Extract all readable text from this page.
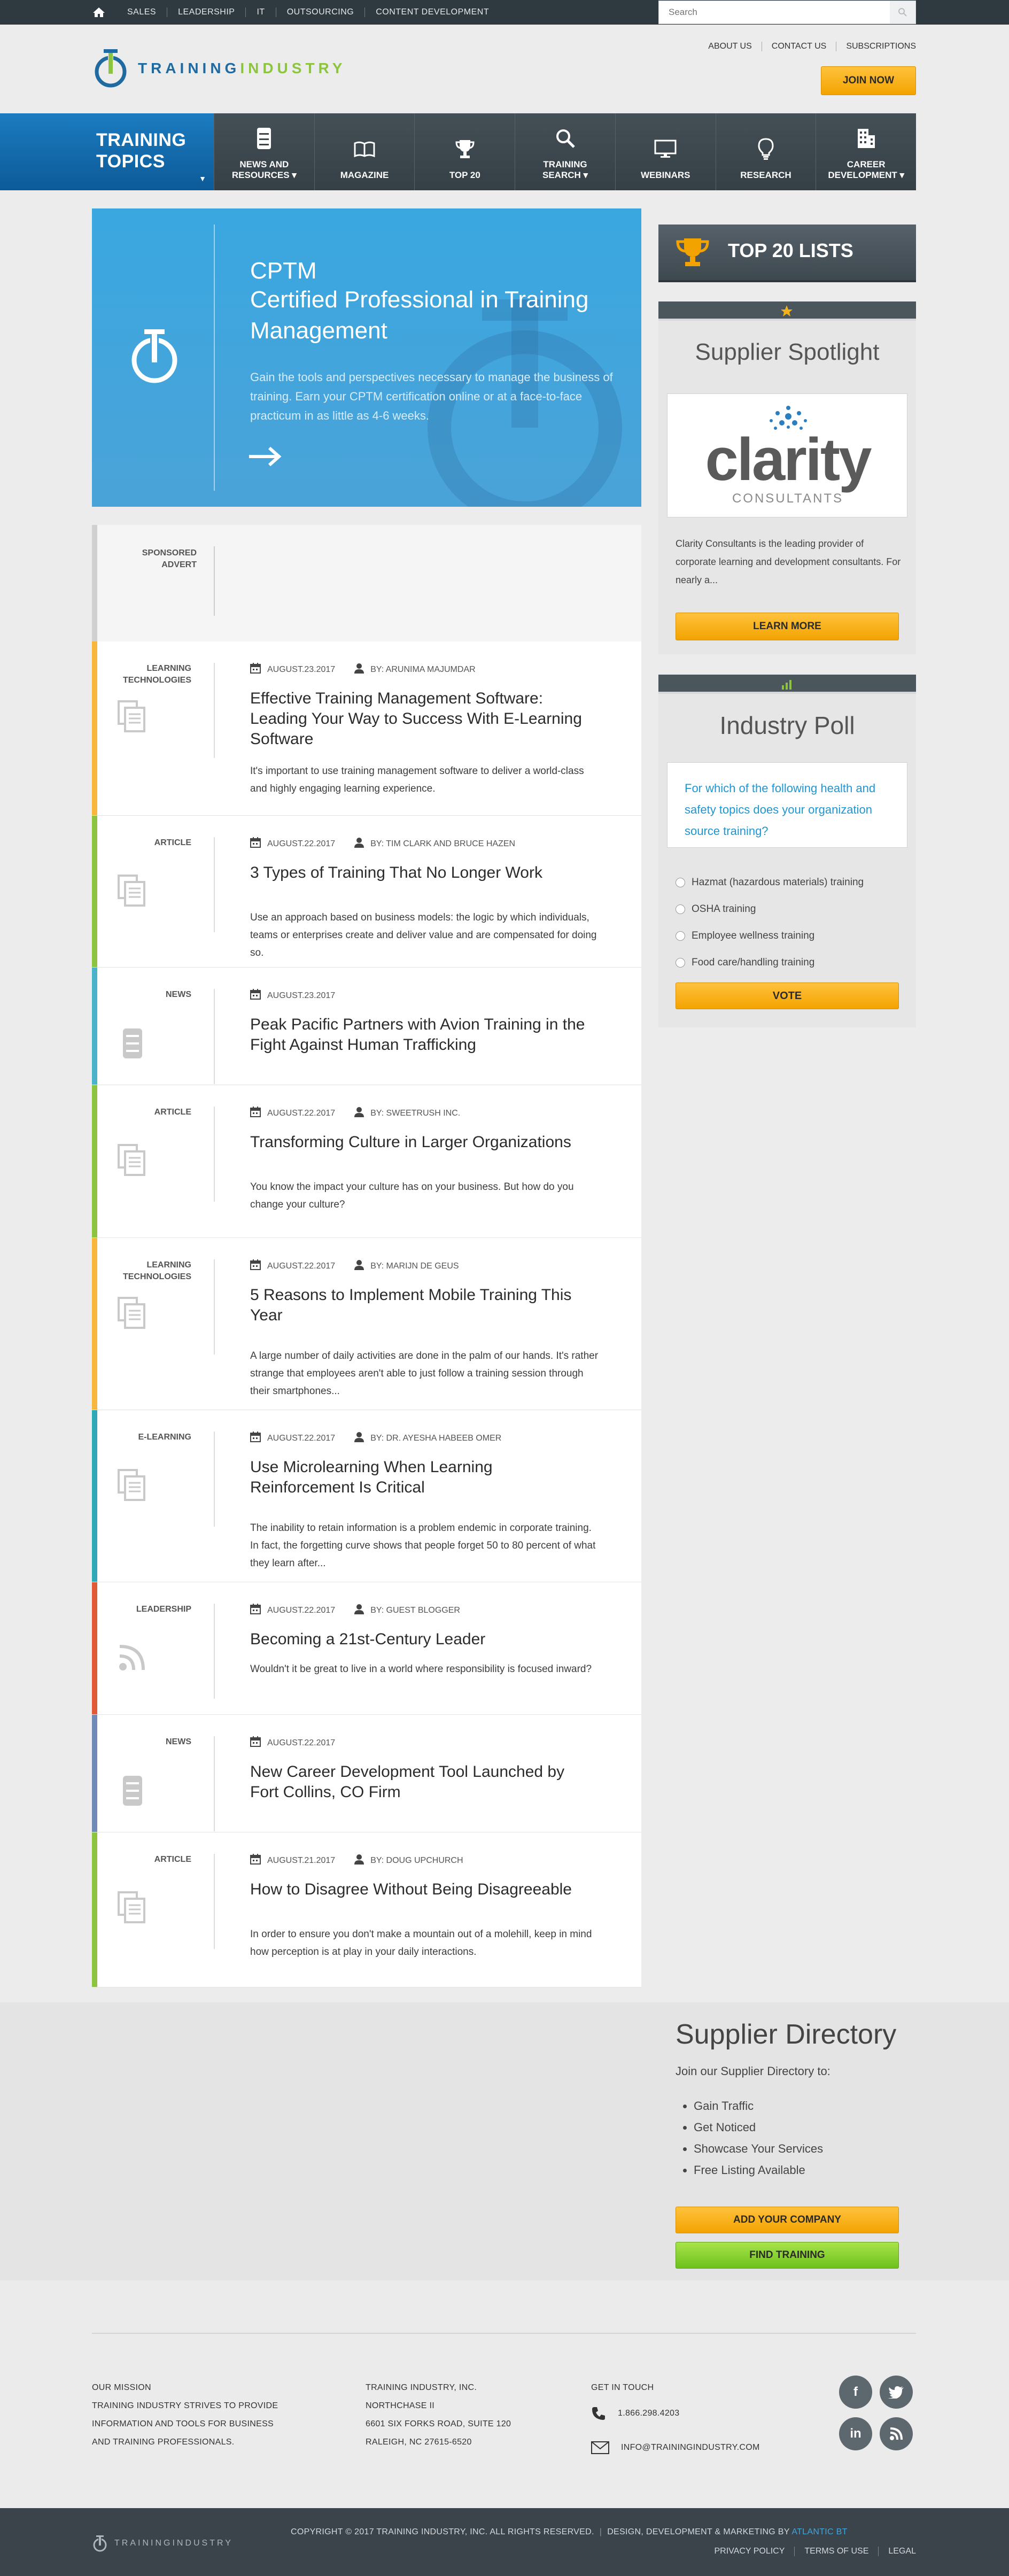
SALES	LEADERSHIP	IT	OUTSOURCING	CONTENT DEVELOPMENT
Search
TRAININGINDUSTRY
ABOUT US	CONTACT US	SUBSCRIPTIONS
JOIN NOW
TRAINING
TOPICS
▼
NEWS AND
RESOURCES ▾	MAGAZINE	TOP 20
TRAINING
SEARCH ▾	WEBINARS	RESEARCH
CAREER
DEVELOPMENT ▾
CPTM
Certified Professional in Training Management
Gain the tools and perspectives necessary to manage the business of training. Earn your CPTM certification online or at a face-to-face practicum in as little as 4-6 weeks.
SPONSORED
ADVERT
LEARNING
TECHNOLOGIES
AUGUST.23.2017	BY: ARUNIMA MAJUMDAR
Effective Training Management Software: Leading Your Way to Success With E-Learning Software
It's important to use training management software to deliver a world-class and highly engaging learning experience.
ARTICLE	AUGUST.22.2017	BY: TIM CLARK AND BRUCE HAZEN
3 Types of Training That No Longer Work
Use an approach based on business models: the logic by which individuals, teams or enterprises create and deliver value and are compensated for doing so.
NEWS	AUGUST.23.2017
Peak Pacific Partners with Avion Training in the Fight Against Human Trafficking
ARTICLE	AUGUST.22.2017	BY: SWEETRUSH INC.
Transforming Culture in Larger Organizations
You know the impact your culture has on your business. But how do you change your culture?
LEARNING
TECHNOLOGIES
AUGUST.22.2017	BY: MARIJN DE GEUS
5 Reasons to Implement Mobile Training This Year
A large number of daily activities are done in the palm of our hands. It's rather strange that employees aren't able to just follow a training session through their smartphones...
E-LEARNING	AUGUST.22.2017	BY: DR. AYESHA HABEEB OMER
Use Microlearning When Learning Reinforcement Is Critical
The inability to retain information is a problem endemic in corporate training. In fact, the forgetting curve shows that people forget 50 to 80 percent of what they learn after...
LEADERSHIP	AUGUST.22.2017	BY: GUEST BLOGGER
Becoming a 21st-Century Leader
Wouldn't it be great to live in a world where responsibility is focused inward?
NEWS	AUGUST.22.2017
New Career Development Tool Launched by Fort Collins, CO Firm
ARTICLE	AUGUST.21.2017	BY: DOUG UPCHURCH
How to Disagree Without Being Disagreeable
In order to ensure you don't make a mountain out of a molehill, keep in mind how perception is at play in your daily interactions.
TOP 20 LISTS
Supplier Spotlight
clarity
CONSULTANTS
Clarity Consultants is the leading provider of corporate learning and development consultants. For nearly a...
LEARN MORE
Industry Poll
For which of the following health and safety topics does your organization source training?
Hazmat (hazardous materials) training
OSHA training
Employee wellness training
Food care/handling training
VOTE
Supplier Directory
Join our Supplier Directory to:
• Gain Traffic
• Get Noticed
• Showcase Your Services
• Free Listing Available
ADD YOUR COMPANY
FIND TRAINING
OUR MISSION
TRAINING INDUSTRY STRIVES TO PROVIDE
INFORMATION AND TOOLS FOR BUSINESS
AND TRAINING PROFESSIONALS.
TRAINING INDUSTRY, INC.
NORTHCHASE II
6601 SIX FORKS ROAD, SUITE 120
RALEIGH, NC 27615-6520
GET IN TOUCH
1.866.298.4203
INFO@TRAININGINDUSTRY.COM
f
in
TRAININGINDUSTRY
COPYRIGHT © 2017 TRAINING INDUSTRY, INC. ALL RIGHTS RESERVED. | DESIGN, DEVELOPMENT & MARKETING BY ATLANTIC BT
PRIVACY POLICY	TERMS OF USE	LEGAL
